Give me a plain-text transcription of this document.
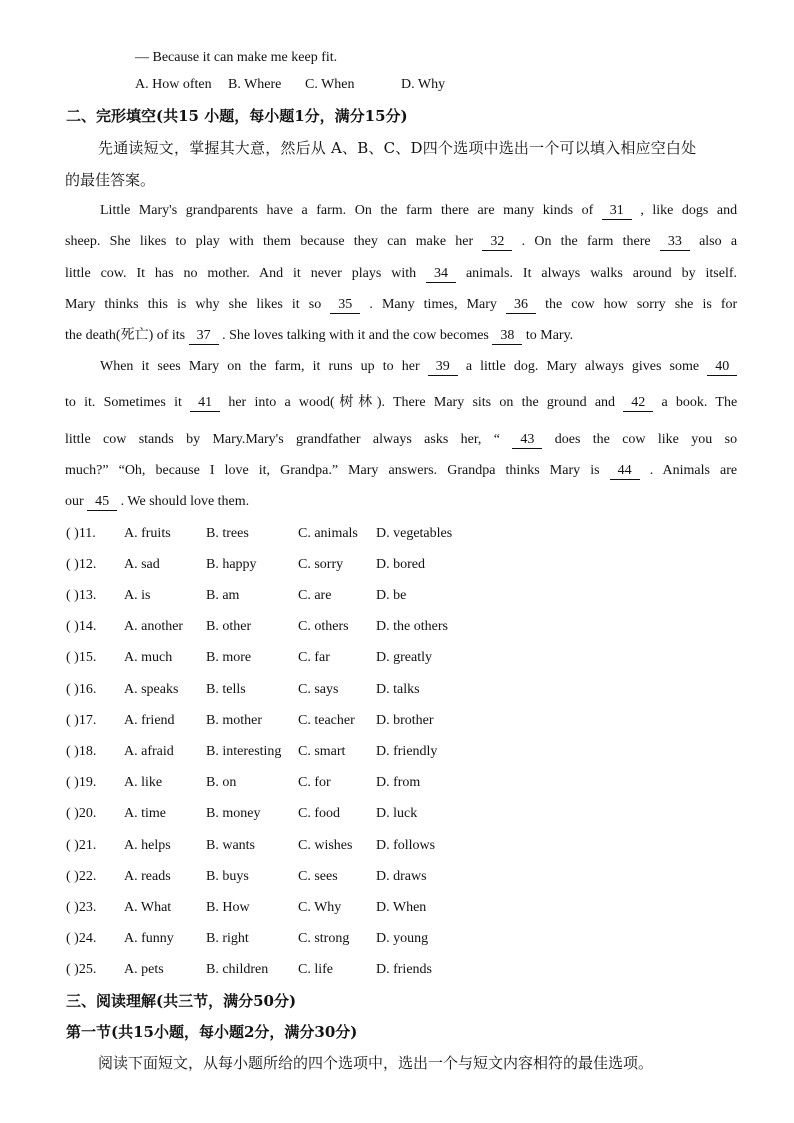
— Because it can make me keep fit.
A. How often B. Where C. When	D. Why
二、完形填空(共15 小题，每小题1分，满分15分)
先通读短文，掌握其大意，然后从 A、B、C、D四个选项中选出一个可以填入相应空白处
的最佳答案。
Little Mary's grandparents have a farm. On the farm there are many kinds of 31 , like dogs and
sheep. She likes to play with them because they can make her 32 . On the farm there 33 also a
little cow. It has no mother. And it never plays with 34 animals. It always walks around by itself.
Mary thinks this is why she likes it so 35 . Many times, Mary 36 the cow how sorry she is for
the death(死亡) of its 37 . She loves talking with it and the cow becomes 38 to Mary.
When it sees Mary on the farm, it runs up to her 39 a little dog. Mary always gives some 40
to it. Sometimes it 41 her into a wood(树林). There Mary sits on the ground and 42 a book. The
little cow stands by Mary.Mary's grandfather always asks her, “ 43 does the cow like you so
much?” “Oh, because I love it, Grandpa.” Mary answers. Grandpa thinks Mary is 44 . Animals are
our 45 . We should love them.
( )11. A. fruits	B. trees	C. animals D. vegetables
( )12. A. sad	B. happy	C. sorry D. bored
( )13. A. is	B. am	C. are	D. be
( )14. A. another B. other	C. others D. the others
( )15. A. much B. more	C. far	D. greatly
( )16. A. speaks B. tells	C. says	D. talks
( )17. A. friend B. mother	C. teacher D. brother
( )18. A. afraid B. interesting C. smart D. friendly
( )19. A. like	B. on	C. for	D. from
( )20. A. time	B. money	C. food	D. luck
( )21. A. helps	B. wants	C. wishes D. follows
( )22. A. reads	B. buys	C. sees	D. draws
( )23. A. What B. How	C. Why D. When
( )24. A. funny B. right	C. strong D. young
( )25. A. pets	B. children C. life	D. friends
三、阅读理解(共三节，满分50分)
第一节(共15小题，每小题2分，满分30分)
阅读下面短文，从每小题所给的四个选项中，选出一个与短文内容相符的最佳选项。
